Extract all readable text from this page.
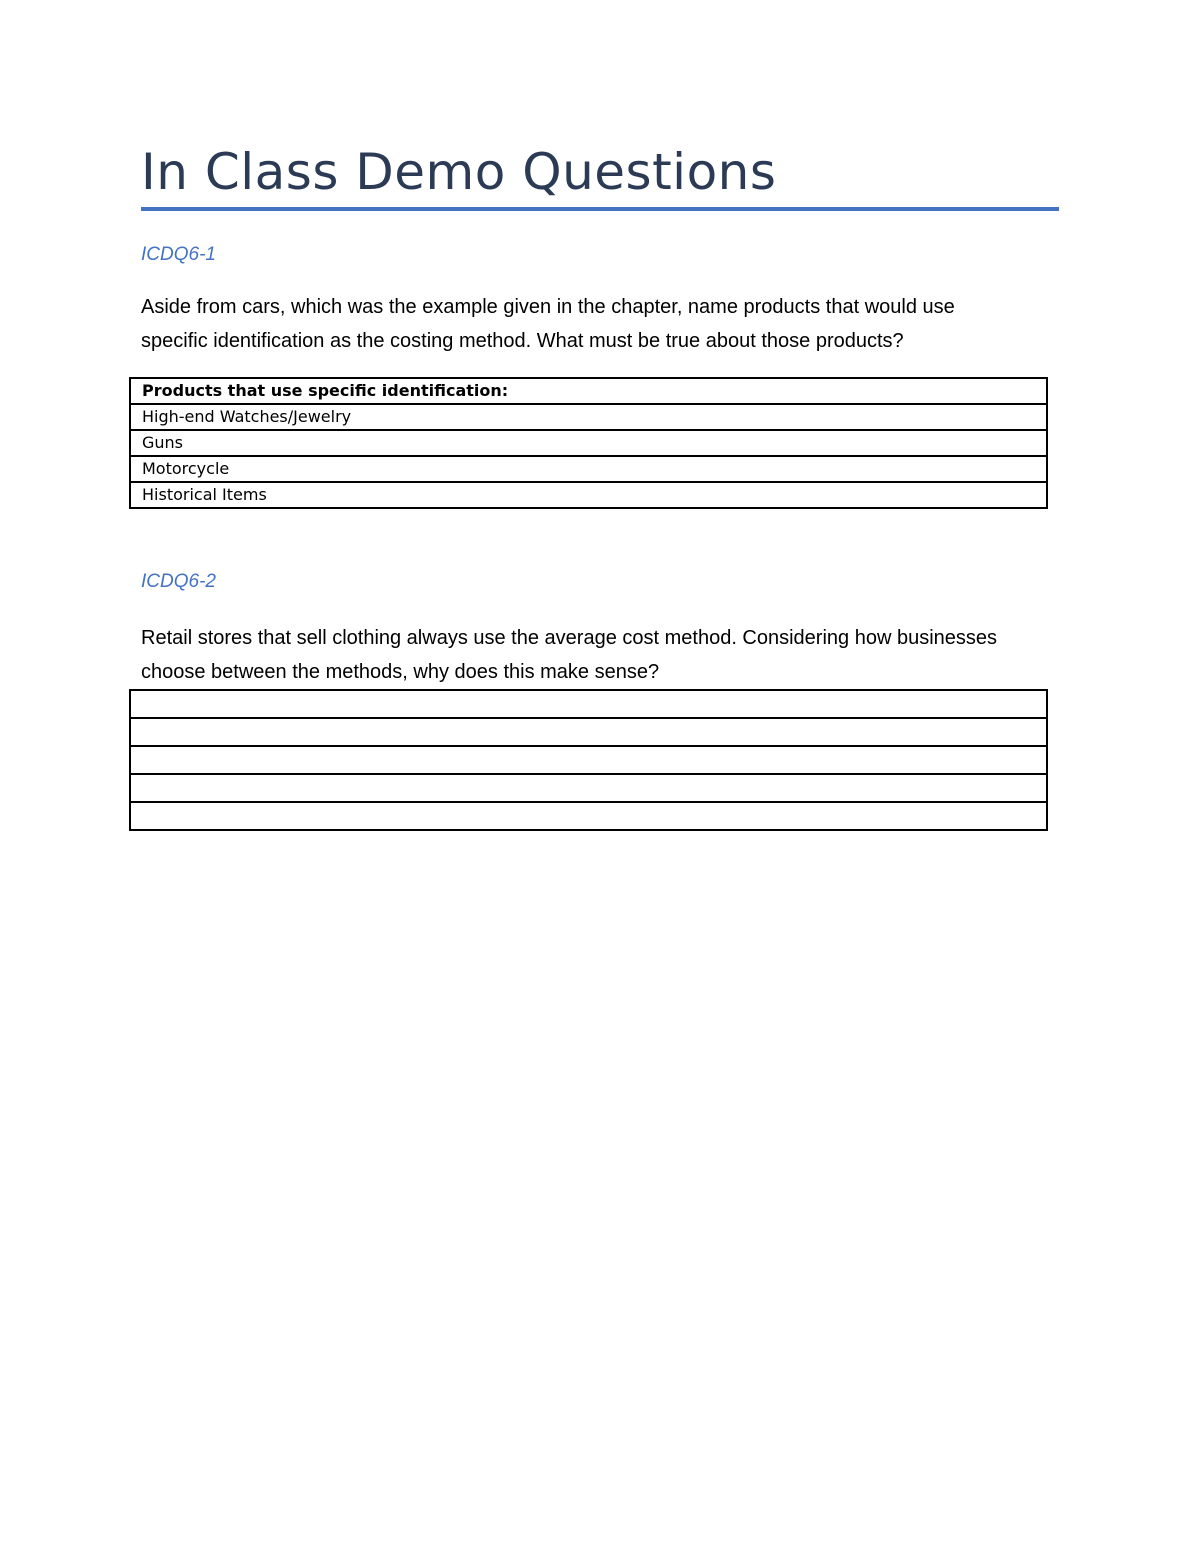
In Class Demo Questions

ICDQ6-1

Aside from cars, which was the example given in the chapter, name products that would use
specific identification as the costing method. What must be true about those products?

Products that use specific identification:
High-end Watches/Jewelry
Guns
Motorcycle
Historical Items

ICDQ6-2

Retail stores that sell clothing always use the average cost method. Considering how businesses
choose between the methods, why does this make sense?
